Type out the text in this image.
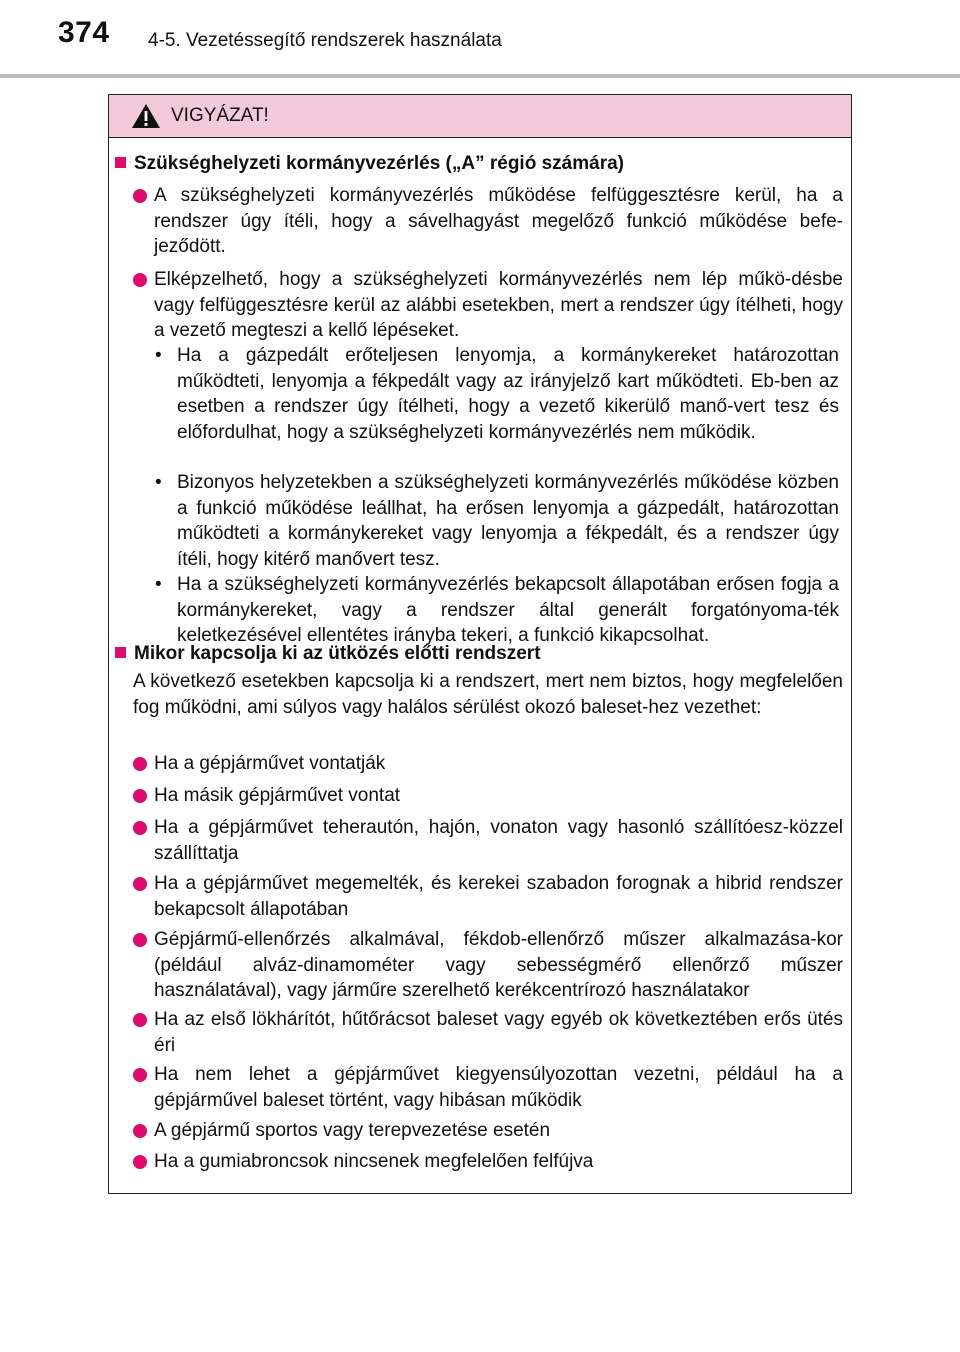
374 4-5. Vezetéssegítő rendszerek használata
VIGYÁZAT!
Szükséghelyzeti kormányvezérlés („A” régió számára)
A szükséghelyzeti kormányvezérlés működése felfüggesztésre kerül, ha a rendszer úgy ítéli, hogy a sávelhagyást megelőző funkció működése befe-jeződött.
Elképzelhető, hogy a szükséghelyzeti kormányvezérlés nem lép műkö-désbe vagy felfüggesztésre kerül az alábbi esetekben, mert a rendszer úgy ítélheti, hogy a vezető megteszi a kellő lépéseket.
• Ha a gázpedált erőteljesen lenyomja, a kormánykereket határozottan működteti, lenyomja a fékpedált vagy az irányjelző kart működteti. Eb-ben az esetben a rendszer úgy ítélheti, hogy a vezető kikerülő manő-vert tesz és előfordulhat, hogy a szükséghelyzeti kormányvezérlés nem működik.
• Bizonyos helyzetekben a szükséghelyzeti kormányvezérlés működése közben a funkció működése leállhat, ha erősen lenyomja a gázpedált, határozottan működteti a kormánykereket vagy lenyomja a fékpedált, és a rendszer úgy ítéli, hogy kitérő manővert tesz.
• Ha a szükséghelyzeti kormányvezérlés bekapcsolt állapotában erősen fogja a kormánykereket, vagy a rendszer által generált forgatónyoma-ték keletkezésével ellentétes irányba tekeri, a funkció kikapcsolhat.
Mikor kapcsolja ki az ütközés előtti rendszert
A következő esetekben kapcsolja ki a rendszert, mert nem biztos, hogy megfelelően fog működni, ami súlyos vagy halálos sérülést okozó baleset-hez vezethet:
Ha a gépjárművet vontatják
Ha másik gépjárművet vontat
Ha a gépjárművet teherautón, hajón, vonaton vagy hasonló szállítóesz-közzel szállíttatja
Ha a gépjárművet megemelték, és kerekei szabadon forognak a hibrid rendszer bekapcsolt állapotában
Gépjármű-ellenőrzés alkalmával, fékdob-ellenőrző műszer alkalmazása-kor (például alváz-dinamométer vagy sebességmérő ellenőrző műszer használatával), vagy járműre szerelhető kerékcentrírozó használatakor
Ha az első lökhárítót, hűtőrácsot baleset vagy egyéb ok következtében erős ütés éri
Ha nem lehet a gépjárművet kiegyensúlyozottan vezetni, például ha a gépjárművel baleset történt, vagy hibásan működik
A gépjármű sportos vagy terepvezetése esetén
Ha a gumiabroncsok nincsenek megfelelően felfújva
